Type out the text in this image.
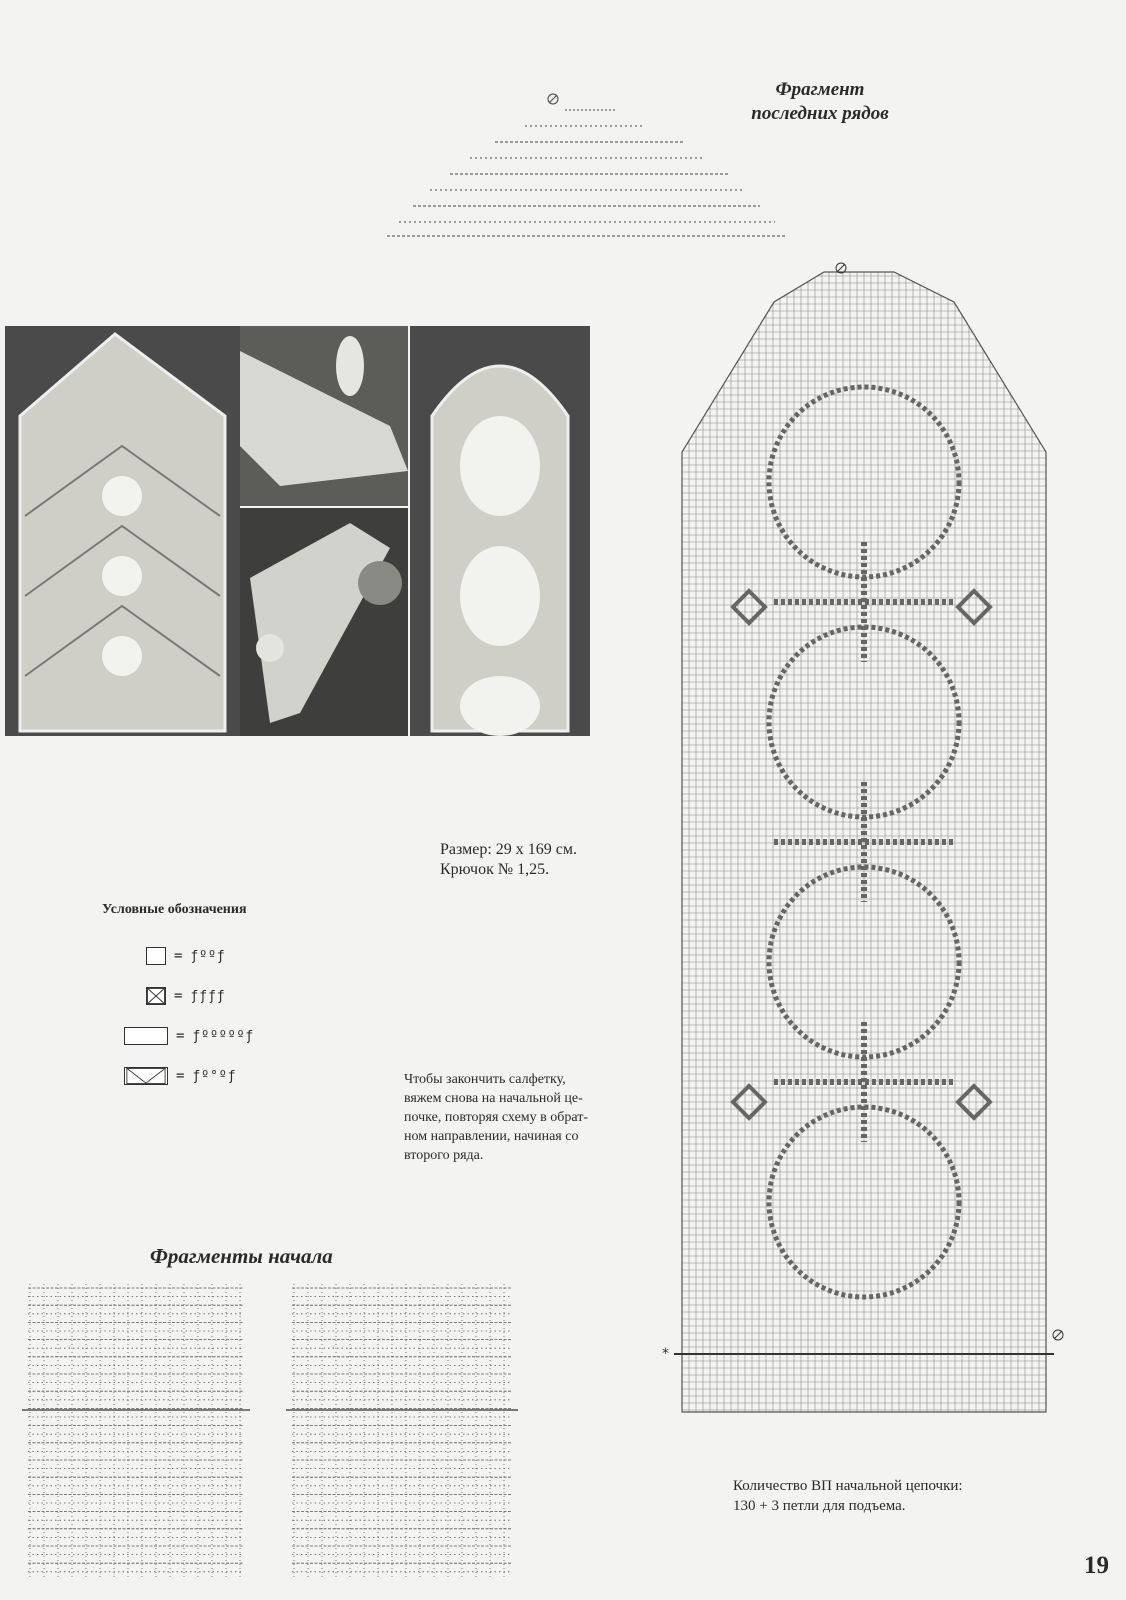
Фрагмент
последних рядов
Размер: 29 х 169 см.
Крючок № 1,25.
Условные обозначения
= ƒººƒ
= ƒƒƒƒ
= ƒºººººƒ
= ƒº°ºƒ	Чтобы закончить салфетку,
вяжем снова на начальной це-
почке, повторяя схему в обрат-
ном направлении, начиная со
второго ряда.
Фрагменты начала
*
Количество ВП начальной цепочки:
130 + 3 петли для подъема.
19
